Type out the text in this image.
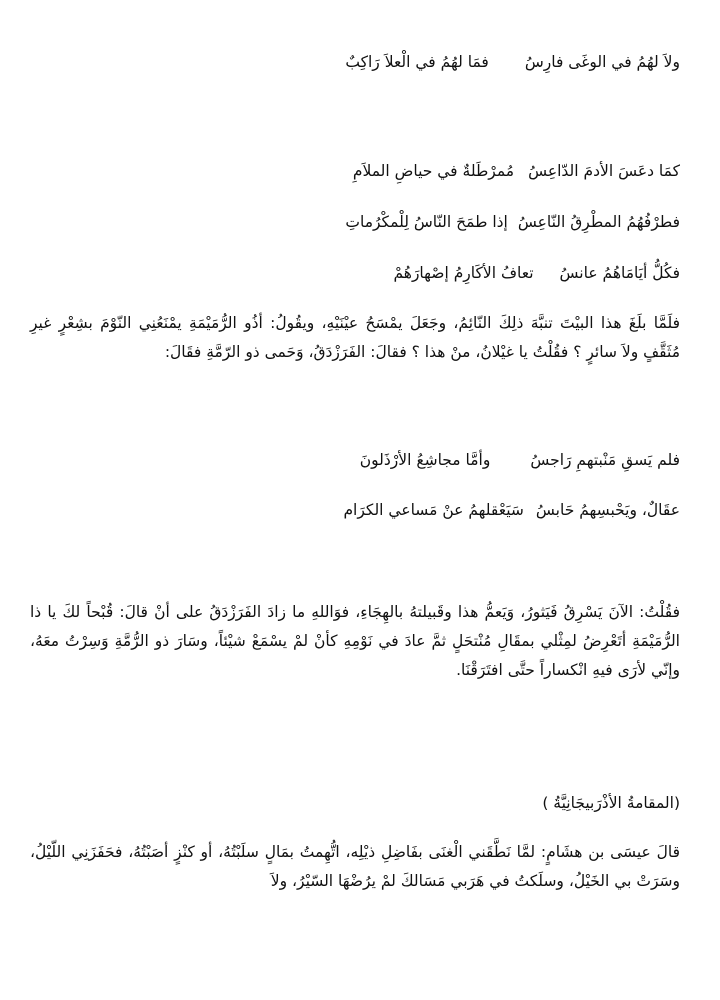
فمَا لهُمُ في الْعلاَ رَاكِبٌ ولاَ لهُمُ في الوغَى فارِسُ
مُمرْطَلةٌ في حياضِ الملاَمِ كمَا دعَسَ الأدمَ الدّاعِسُ
إذا طمَحَ النّاسُ لِلْمكْرُماتِ فطرْفُهُمُ المطْرِقُ النّاعِسُ
تعافُ الأكَارِمُ إصْهارَهُمْ فكُلُّ أيَامَاهُمُ عانسُ

فلَمَّا بلَغَ هذا البيْتَ تنبَّهَ ذلِكَ النّائِمُ، وجَعَلَ يمْسَحُ عيْنَيْهِ، ويقُولُ: أذُو الرُّمَيْمَةِ يمْنَعُنِي النّوْمَ بشِعْرٍ غيرِ مُثَقَّفٍ ولاَ سائرٍ ؟ فقُلْتُ يا غيْلانُ، منْ هذا ؟ فقالَ: الفَرَزْدَقُ، وَحَمى ذو الرّمَّةِ فقَالَ:

وأمَّا مجاشِعُ الأرْذَلونَ	فلم يَسقِ مَنْبتهمِ رَاجسُ
سَيَعْقلهمُ عنْ مَساعي الكرَام عقَالٌ، ويَحْبسِهمُ حَابسُ

فقُلْتُ: الآنَ يَسْرِقُ فَيَثورُ، وَيَعمُّ هذا وقَبيلتهُ بالهِجَاءِ، فوَاللهِ ما زادَ الفَرَزْدَقُ على أنْ قالَ: قُبْحاً لكَ يا ذا الرُّمَيْمَةِ أتَعْرِضُ لمِثْلي بمقَالِ مُنْتحَلٍ ثمَّ عادَ في نَوْمِهِ كأنْ لمْ يسْمَعْ شيْئاً، وسَارَ ذو الرُّمَّةِ وَسِرْتُ معَهُ، وإنّي لأرَى فيهِ انْكساراً حتَّى افتَرَقْنَا.

(المقامةُ الأذْرَبيجَانِيَّةُ )

قالَ عيسَى بن هشَامٍ: لمَّا نَطَّقَني الْغنَى بفَاضِلِ ذيْلِه، اتُّهِمتُ بمَالٍ سلَبْتُهُ، أو كنْزٍ أصَبْتُهُ، فحَفَزَنِي اللّيْلُ، وسَرَتْ بي الخَيْلُ، وسلَكتُ في هَرَبي مَسَالكَ لمْ يرُضْهَا السّيْرُ، ولاَ
